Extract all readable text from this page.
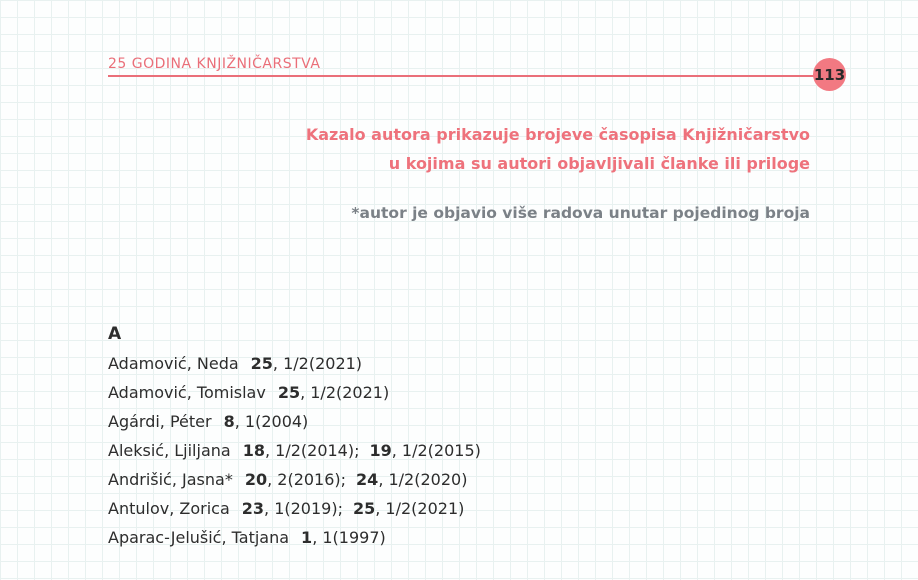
25 GODINA KNJIŽNIČARSTVA
113
Kazalo autora prikazuje brojeve časopisa Knjižničarstvo
u kojima su autori objavljivali članke ili priloge
*autor je objavio više radova unutar pojedinog broja
A
Adamović, Neda 25, 1/2(2021)
Adamović, Tomislav 25, 1/2(2021)
Agárdi, Péter 8, 1(2004)
Aleksić, Ljiljana 18, 1/2(2014); 19, 1/2(2015)
Andrišić, Jasna* 20, 2(2016); 24, 1/2(2020)
Antulov, Zorica 23, 1(2019); 25, 1/2(2021)
Aparac-Jelušić, Tatjana 1, 1(1997)
